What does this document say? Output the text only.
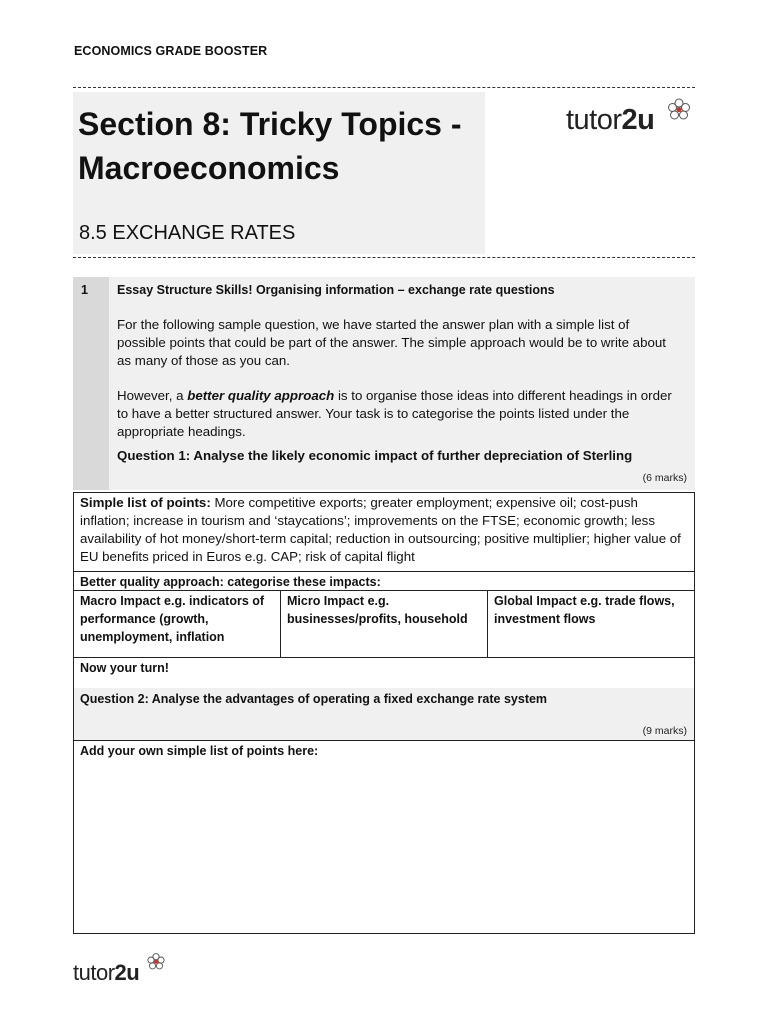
ECONOMICS GRADE BOOSTER
Section 8: Tricky Topics - Macroeconomics
8.5 EXCHANGE RATES
tutor2u
1 Essay Structure Skills! Organising information – exchange rate questions
For the following sample question, we have started the answer plan with a simple list of possible points that could be part of the answer. The simple approach would be to write about as many of those as you can.
However, a better quality approach is to organise those ideas into different headings in order to have a better structured answer. Your task is to categorise the points listed under the appropriate headings.
Question 1: Analyse the likely economic impact of further depreciation of Sterling
(6 marks)
Simple list of points: More competitive exports; greater employment; expensive oil; cost-push inflation; increase in tourism and ‘staycations’; improvements on the FTSE; economic growth; less availability of hot money/short-term capital; reduction in outsourcing; positive multiplier; higher value of EU benefits priced in Euros e.g. CAP; risk of capital flight
Better quality approach: categorise these impacts:
Macro Impact e.g. indicators of performance (growth, unemployment, inflation
Micro Impact e.g. businesses/profits, household
Global Impact e.g. trade flows, investment flows
Now your turn!
Question 2: Analyse the advantages of operating a fixed exchange rate system
(9 marks)
Add your own simple list of points here:
tutor2u
